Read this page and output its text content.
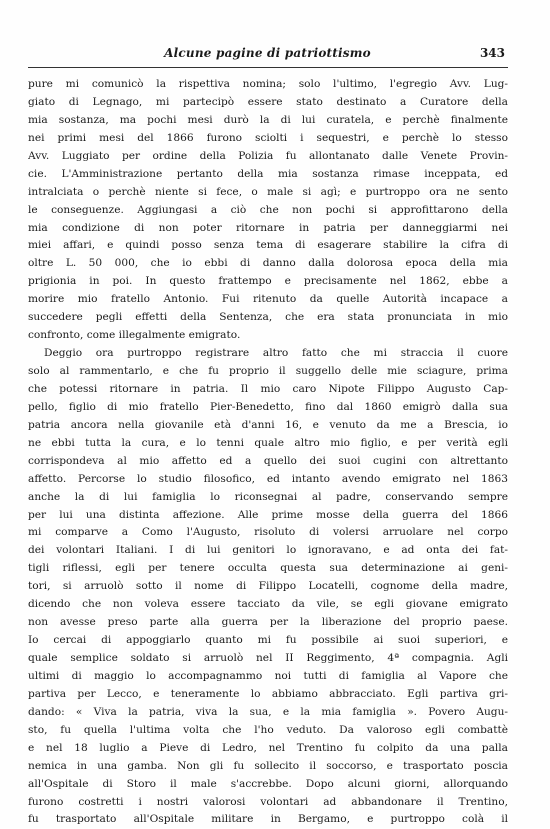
Alcune pagine di patriottismo	343
pure mi comunicò la rispettiva nomina; solo l'ultimo, l'egregio Avv. Lug-
giato di Legnago, mi partecipò essere stato destinato a Curatore della
mia sostanza, ma pochi mesi durò la di lui curatela, e perchè finalmente
nei primi mesi del 1866 furono sciolti i sequestri, e perchè lo stesso
Avv. Luggiato per ordine della Polizia fu allontanato dalle Venete Provin-
cie. L'Amministrazione pertanto della mia sostanza rimase inceppata, ed
intralciata o perchè niente si fece, o male si agì; e purtroppo ora ne sento
le conseguenze. Aggiungasi a ciò che non pochi si approfittarono della
mia condizione di non poter ritornare in patria per danneggiarmi nei
miei affari, e quindi posso senza tema di esagerare stabilire la cifra di
oltre L. 50 000, che io ebbi di danno dalla dolorosa epoca della mia
prigionia in poi. In questo frattempo e precisamente nel 1862, ebbe a
morire mio fratello Antonio. Fui ritenuto da quelle Autorità incapace a
succedere pegli effetti della Sentenza, che era stata pronunciata in mio
confronto, come illegalmente emigrato.
Deggio ora purtroppo registrare altro fatto che mi straccia il cuore
solo al rammentarlo, e che fu proprio il suggello delle mie sciagure, prima
che potessi ritornare in patria. Il mio caro Nipote Filippo Augusto Cap-
pello, figlio di mio fratello Pier-Benedetto, fino dal 1860 emigrò dalla sua
patria ancora nella giovanile età d'anni 16, e venuto da me a Brescia, io
ne ebbi tutta la cura, e lo tenni quale altro mio figlio, e per verità egli
corrispondeva al mio affetto ed a quello dei suoi cugini con altrettanto
affetto. Percorse lo studio filosofico, ed intanto avendo emigrato nel 1863
anche la di lui famiglia lo riconsegnai al padre, conservando sempre
per lui una distinta affezione. Alle prime mosse della guerra del 1866
mi comparve a Como l'Augusto, risoluto di volersi arruolare nel corpo
dei volontari Italiani. I di lui genitori lo ignoravano, e ad onta dei fat-
tigli riflessi, egli per tenere occulta questa sua determinazione ai geni-
tori, si arruolò sotto il nome di Filippo Locatelli, cognome della madre,
dicendo che non voleva essere tacciato da vile, se egli giovane emigrato
non avesse preso parte alla guerra per la liberazione del proprio paese.
Io cercai di appoggiarlo quanto mi fu possibile ai suoi superiori, e
quale semplice soldato si arruolò nel II Reggimento, 4ª compagnia. Agli
ultimi di maggio lo accompagnammo noi tutti di famiglia al Vapore che
partiva per Lecco, e teneramente lo abbiamo abbracciato. Egli partiva gri-
dando: « Viva la patria, viva la sua, e la mia famiglia ». Povero Augu-
sto, fu quella l'ultima volta che l'ho veduto. Da valoroso egli combattè
e nel 18 luglio a Pieve di Ledro, nel Trentino fu colpito da una palla
nemica in una gamba. Non gli fu sollecito il soccorso, e trasportato poscia
all'Ospitale di Storo il male s'accrebbe. Dopo alcuni giorni, allorquando
furono costretti i nostri valorosi volontari ad abbandonare il Trentino,
fu trasportato all'Ospitale militare in Bergamo, e purtroppo colà il
